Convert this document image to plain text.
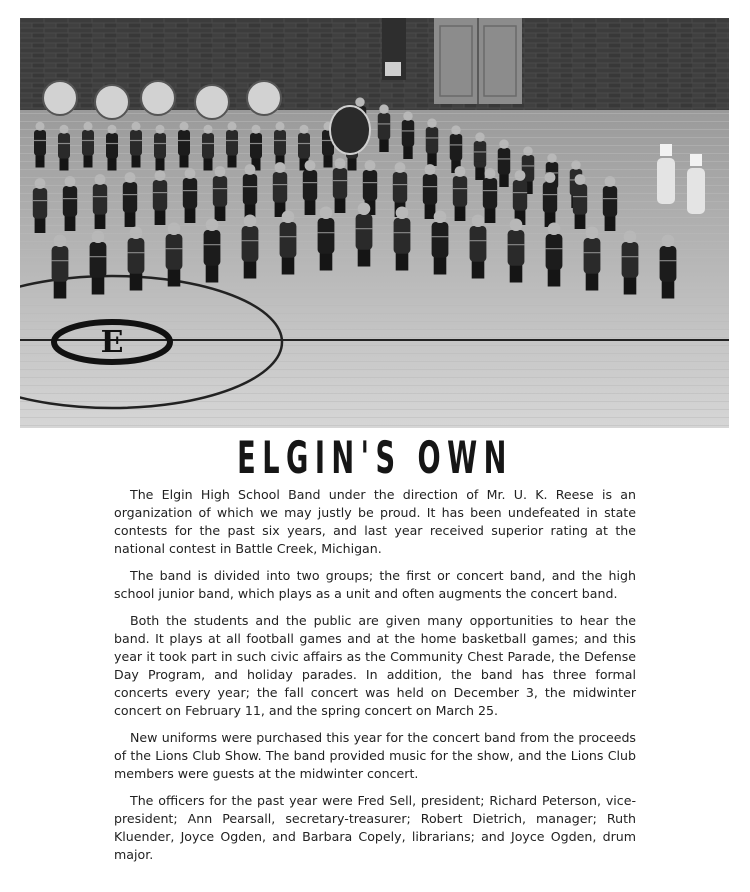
E
ELGIN'S OWN

The Elgin High School Band under the direction of Mr. U. K. Reese is an organization of which we may justly be proud. It has been undefeated in state contests for the past six years, and last year received superior rating at the national contest in Battle Creek, Michigan.

The band is divided into two groups; the first or concert band, and the high school junior band, which plays as a unit and often augments the concert band.

Both the students and the public are given many opportunities to hear the band. It plays at all football games and at the home basketball games; and this year it took part in such civic affairs as the Community Chest Parade, the Defense Day Program, and holiday parades. In addition, the band has three formal concerts every year; the fall concert was held on December 3, the midwinter concert on February 11, and the spring concert on March 25.

New uniforms were purchased this year for the concert band from the proceeds of the Lions Club Show. The band provided music for the show, and the Lions Club members were guests at the midwinter concert.

The officers for the past year were Fred Sell, president; Richard Peterson, vice-president; Ann Pearsall, secretary-treasurer; Robert Dietrich, manager; Ruth Kluender, Joyce Ogden, and Barbara Copely, librarians; and Joyce Ogden, drum major.
